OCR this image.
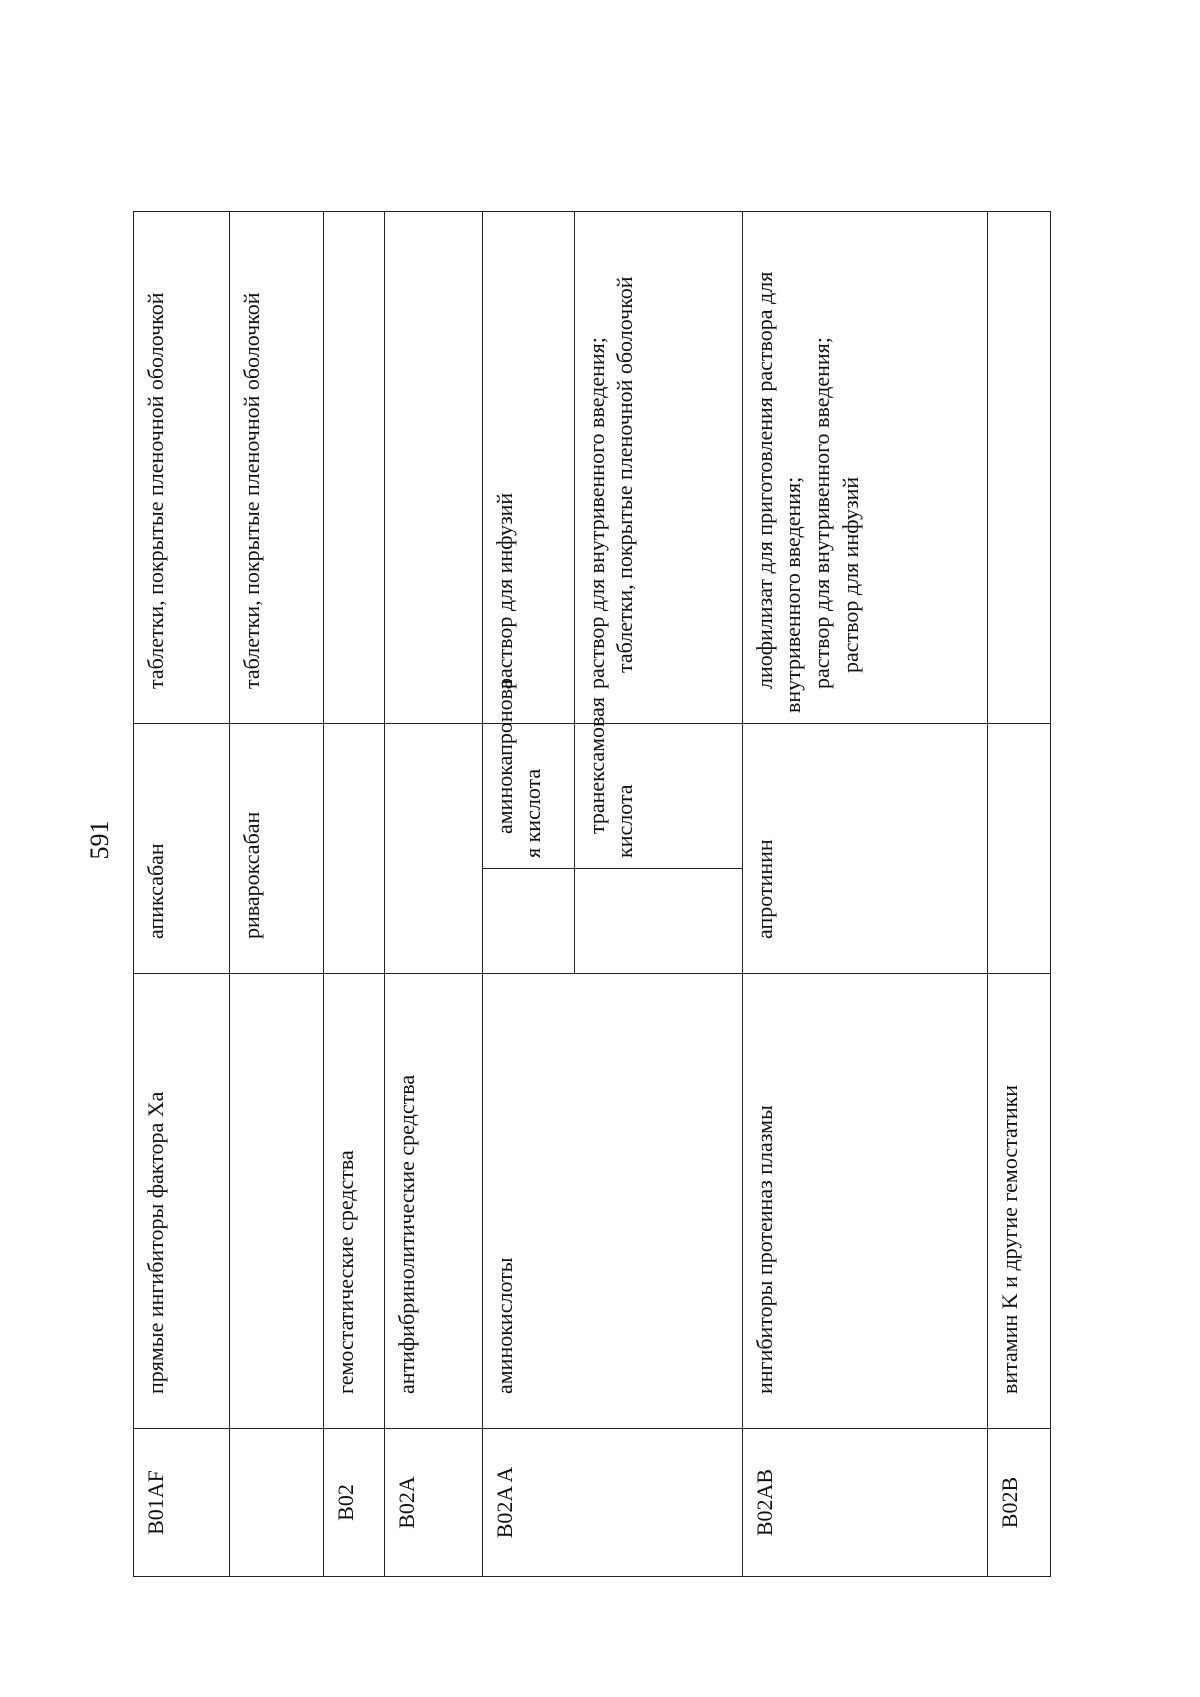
591
B01AF	прямые ингибиторы фактора Xa	апиксабан		таблетки, покрытые пленочной оболочкой
		ривароксабан		таблетки, покрытые пленочной оболочкой
B02	гемостатические средства			
B02A	антифибринолитические средства			
B02A A	аминокислоты		аминокапронова я кислота	раствор для инфузий
			транексамовая кислота	раствор для внутривенного введения; таблетки, покрытые пленочной оболочкой

B02AB	ингибиторы протеиназ плазмы	апротинин		лиофилизат для приготовления раствора для внутривенного введения; раствор для внутривенного введения; раствор для инфузий

B02B	витамин K и другие гемостатики			
